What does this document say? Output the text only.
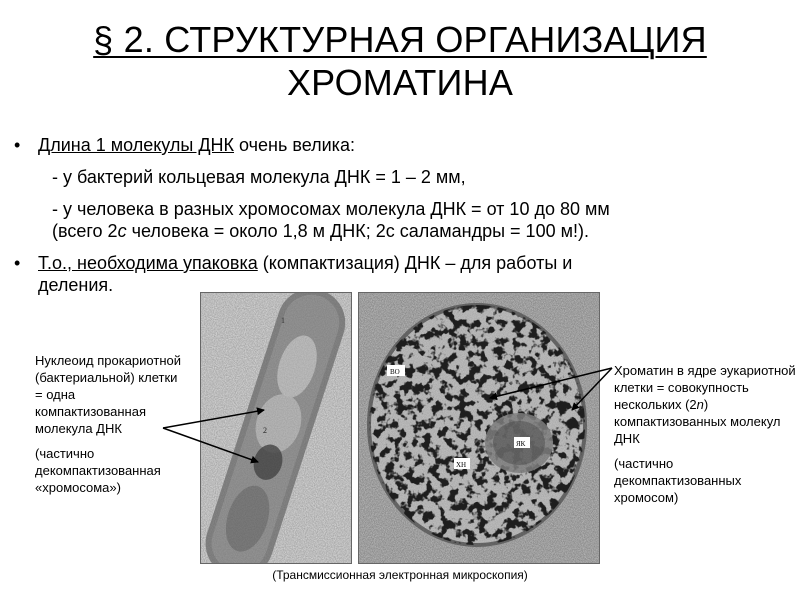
§ 2. СТРУКТУРНАЯ ОРГАНИЗАЦИЯ
ХРОМАТИНА
• Длина 1 молекулы ДНК очень велика:
- у бактерий кольцевая молекула ДНК = 1 – 2 мм,
- у человека в разных хромосомах молекула ДНК = от 10 до 80 мм
(всего 2c человека = около 1,8 м ДНК; 2с саламандры = 100 м!).
• Т.о., необходима упаковка (компактизация) ДНК – для работы и
деления.
1
2
ВО
ЯК
ХН

Нуклеоид прокариотной (бактериальной) клетки = одна компактизованная молекула ДНК

(частично декомпактизованная «хромосома»)

Хроматин в ядре эукариотной клетки = совокупность нескольких (2n) компактизованных молекул ДНК

(частично декомпактизованных хромосом)

(Трансмиссионная электронная микроскопия)
